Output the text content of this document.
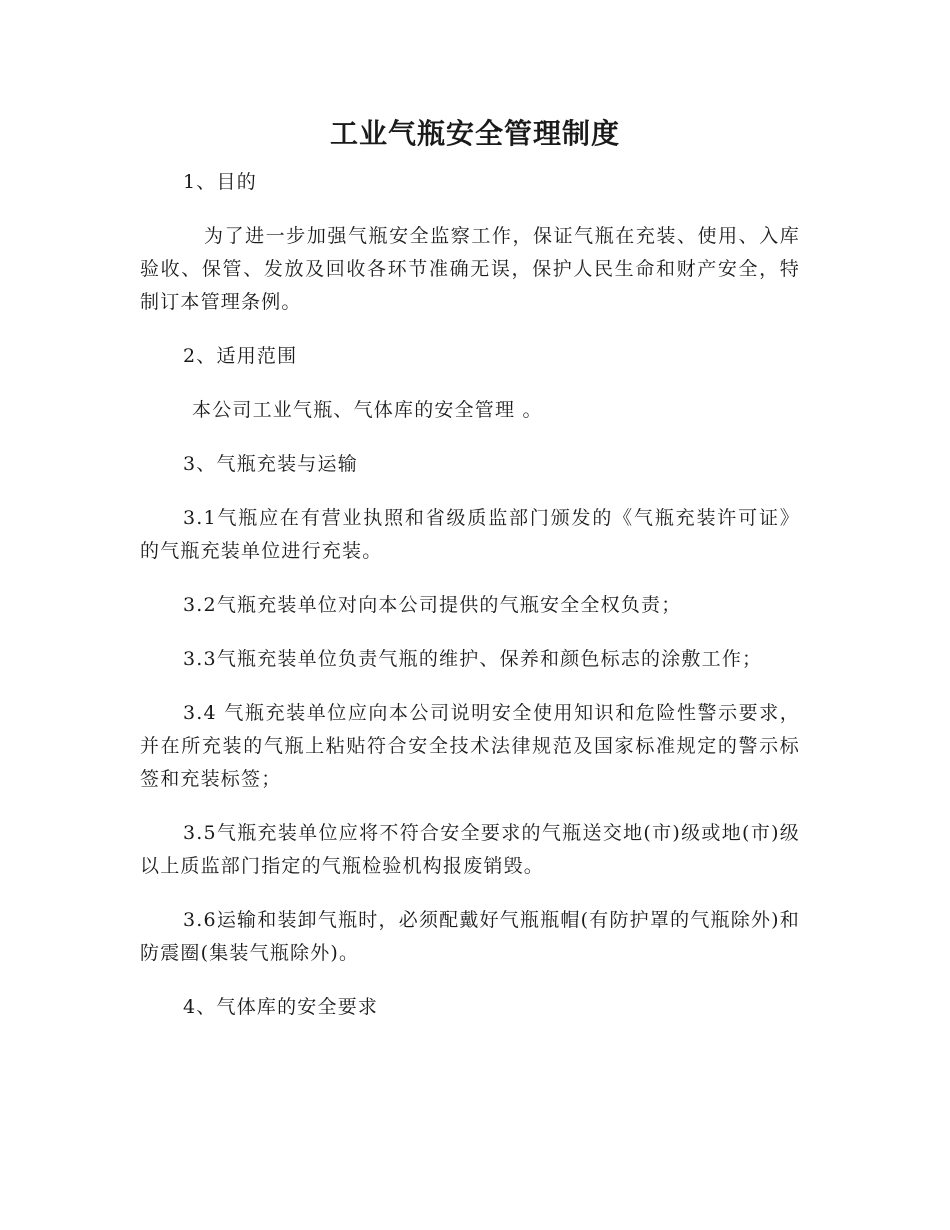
工业气瓶安全管理制度

1、目的

为了进一步加强气瓶安全监察工作，保证气瓶在充装、使用、入库验收、保管、发放及回收各环节准确无误，保护人民生命和财产安全，特制订本管理条例。

2、适用范围

本公司工业气瓶、气体库的安全管理 。

3、气瓶充装与运输

3.1气瓶应在有营业执照和省级质监部门颁发的《气瓶充装许可证》的气瓶充装单位进行充装。

3.2气瓶充装单位对向本公司提供的气瓶安全全权负责；

3.3气瓶充装单位负责气瓶的维护、保养和颜色标志的涂敷工作；

3.4 气瓶充装单位应向本公司说明安全使用知识和危险性警示要求，并在所充装的气瓶上粘贴符合安全技术法律规范及国家标准规定的警示标签和充装标签；

3.5气瓶充装单位应将不符合安全要求的气瓶送交地(市)级或地(市)级以上质监部门指定的气瓶检验机构报废销毁。

3.6运输和装卸气瓶时，必须配戴好气瓶瓶帽(有防护罩的气瓶除外)和防震圈(集装气瓶除外)。

4、气体库的安全要求
